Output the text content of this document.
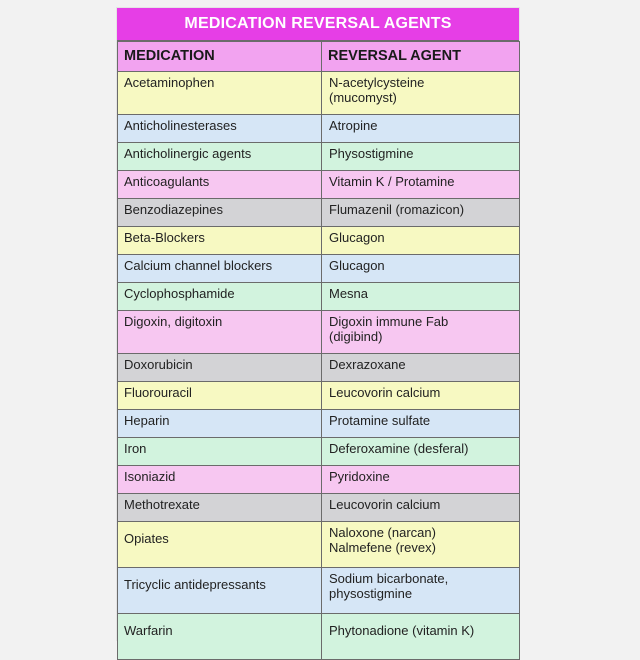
MEDICATION REVERSAL AGENTS
MEDICATION	REVERSAL AGENT
Acetaminophen	N-acetylcysteine
(mucomyst)
Anticholinesterases	Atropine
Anticholinergic agents	Physostigmine
Anticoagulants	Vitamin K / Protamine
Benzodiazepines	Flumazenil (romazicon)
Beta-Blockers	Glucagon
Calcium channel blockers	Glucagon
Cyclophosphamide	Mesna
Digoxin, digitoxin	Digoxin immune Fab
(digibind)
Doxorubicin	Dexrazoxane
Fluorouracil	Leucovorin calcium
Heparin	Protamine sulfate
Iron	Deferoxamine (desferal)
Isoniazid	Pyridoxine
Methotrexate	Leucovorin calcium
Opiates	Naloxone (narcan)
Nalmefene (revex)
Tricyclic antidepressants	Sodium bicarbonate,
physostigmine
Warfarin	Phytonadione (vitamin K)
